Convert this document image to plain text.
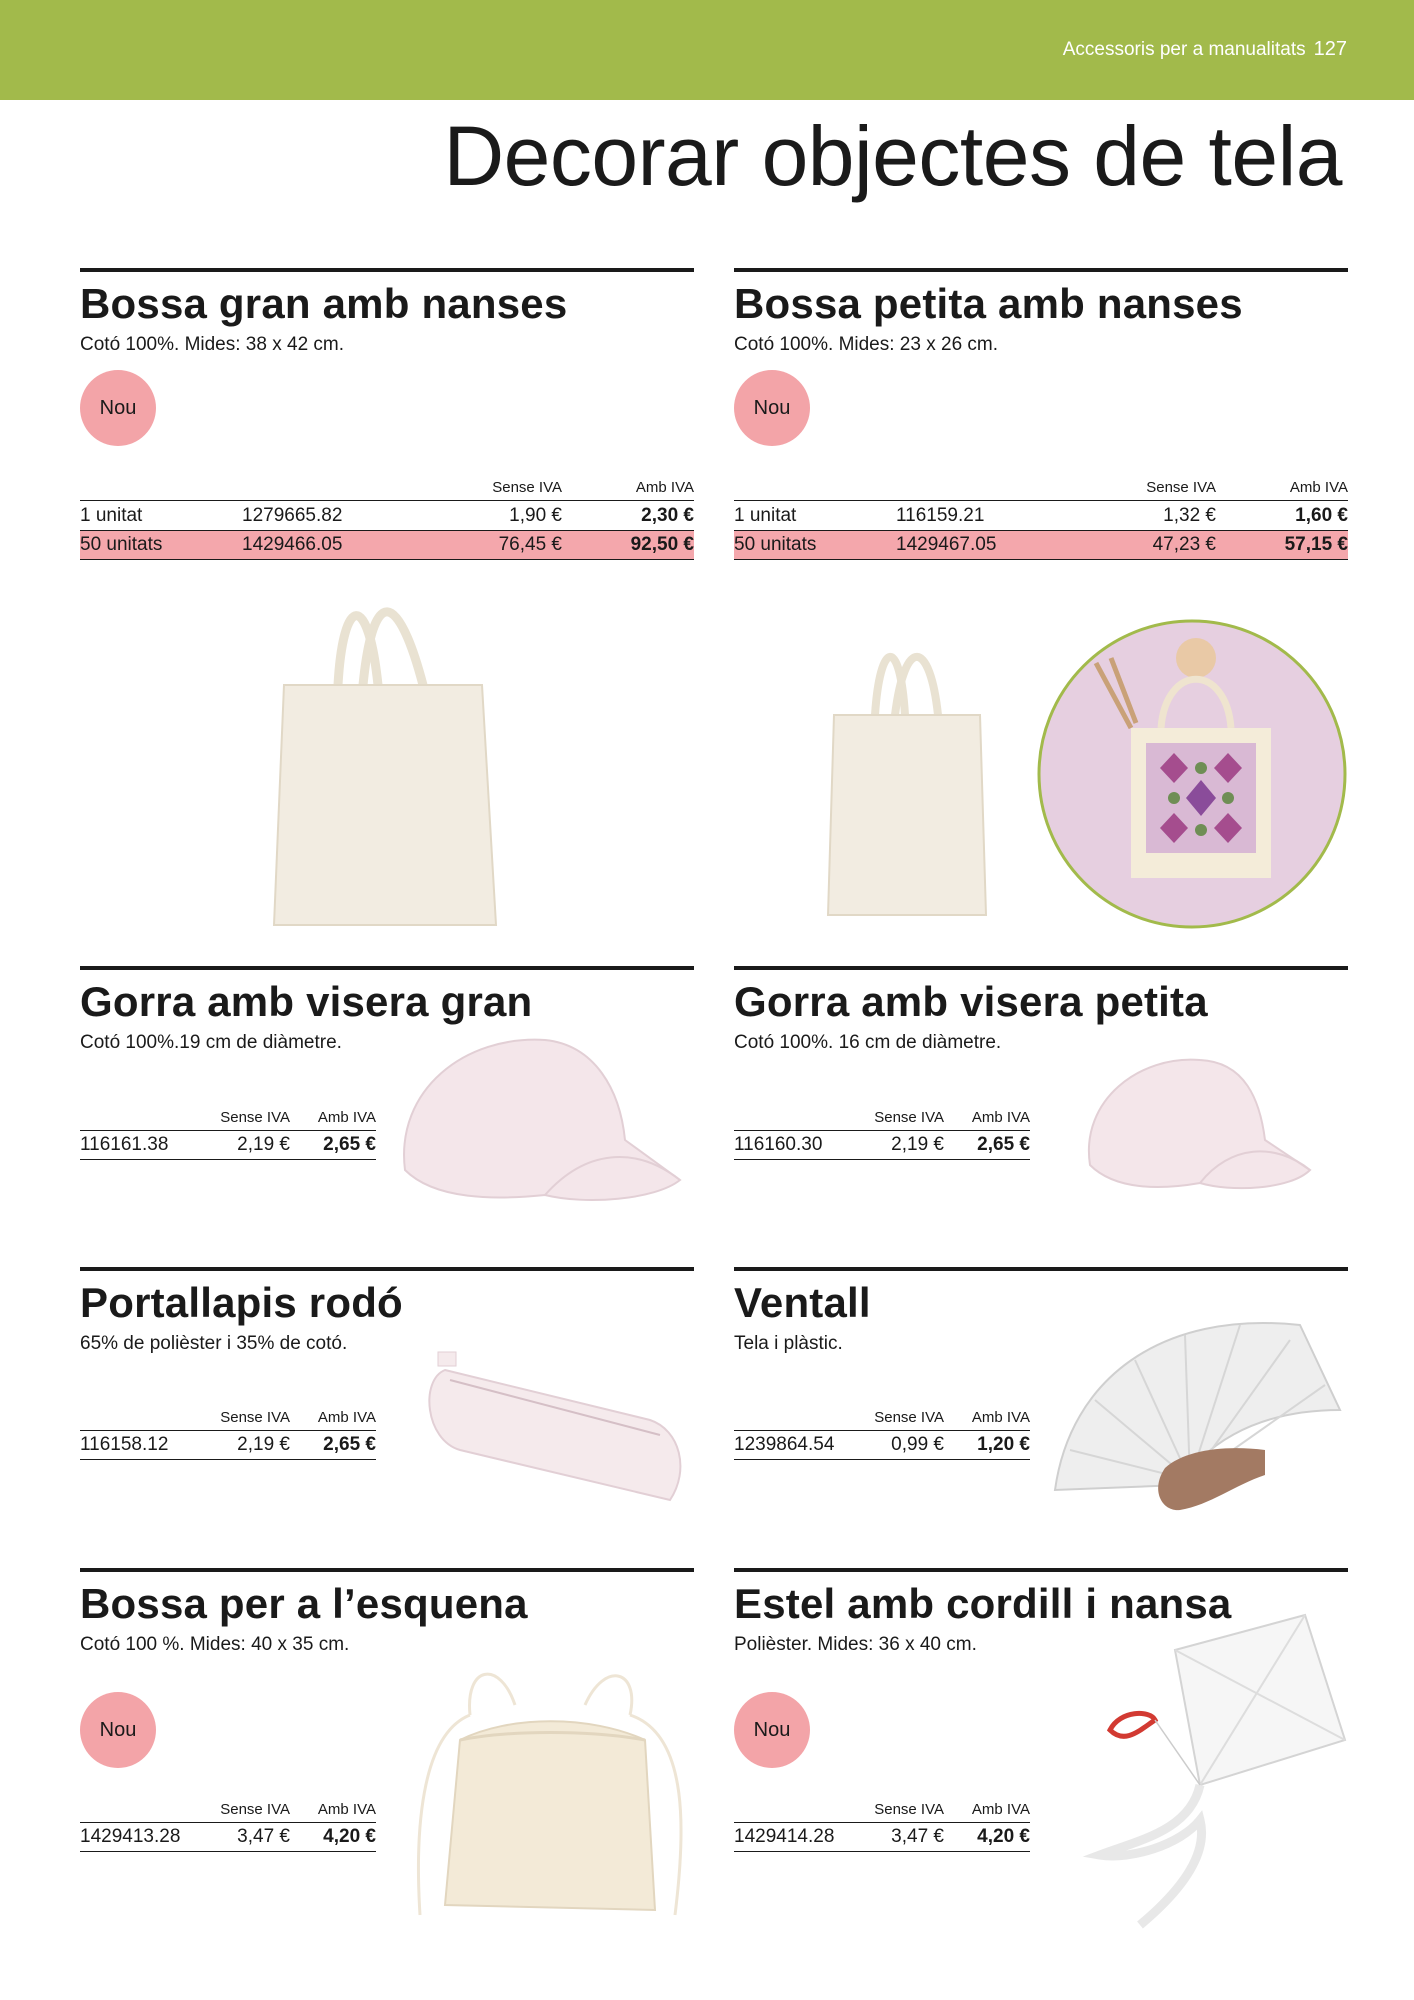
Accessoris per a manualitats 127
Decorar objectes de tela
Bossa gran amb nanses
Cotó 100%. Mides: 38 x 42 cm.
Nou
Sense IVA	Amb IVA
1 unitat	1279665.82	1,90 €	2,30 €
50 unitats	1429466.05	76,45 €	92,50 €
Bossa petita amb nanses
Cotó 100%. Mides: 23 x 26 cm.
Nou
Sense IVA	Amb IVA
1 unitat	116159.21	1,32 €	1,60 €
50 unitats	1429467.05	47,23 €	57,15 €
Gorra amb visera gran
Cotó 100%.19 cm de diàmetre.
Sense IVA	Amb IVA
116161.38	2,19 €	2,65 €
Gorra amb visera petita
Cotó 100%. 16 cm de diàmetre.
Sense IVA	Amb IVA
116160.30	2,19 €	2,65 €
Portallapis rodó
65% de polièster i 35% de cotó.
Sense IVA	Amb IVA
116158.12	2,19 €	2,65 €
Ventall
Tela i plàstic.
Sense IVA	Amb IVA
1239864.54	0,99 €	1,20 €
Bossa per a l’esquena
Cotó 100 %. Mides: 40 x 35 cm.
Nou
Sense IVA	Amb IVA
1429413.28	3,47 €	4,20 €
Estel amb cordill i nansa
Polièster. Mides: 36 x 40 cm.
Nou
Sense IVA	Amb IVA
1429414.28	3,47 €	4,20 €
